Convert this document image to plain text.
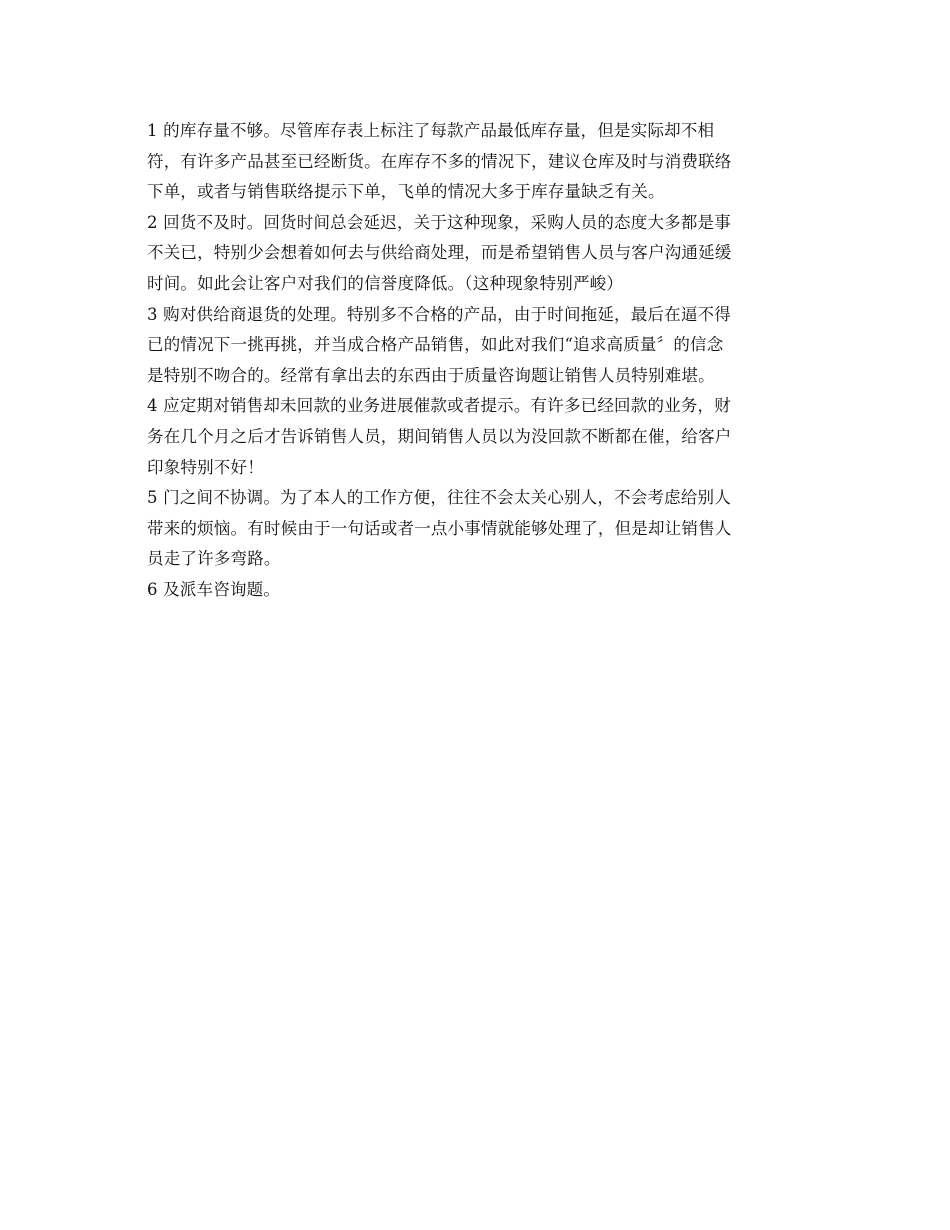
1 的库存量不够。尽管库存表上标注了每款产品最低库存量，但是实际却不相
符，有许多产品甚至已经断货。在库存不多的情况下，建议仓库及时与消费联络
下单，或者与销售联络提示下单，飞单的情况大多于库存量缺乏有关。
2 回货不及时。回货时间总会延迟，关于这种现象，采购人员的态度大多都是事
不关已，特别少会想着如何去与供给商处理，而是希望销售人员与客户沟通延缓
时间。如此会让客户对我们的信誉度降低。（这种现象特别严峻）
3 购对供给商退货的处理。特别多不合格的产品，由于时间拖延，最后在逼不得
已的情况下一挑再挑，并当成合格产品销售，如此对我们“追求高质量〞的信念
是特别不吻合的。经常有拿出去的东西由于质量咨询题让销售人员特别难堪。
4 应定期对销售却未回款的业务进展催款或者提示。有许多已经回款的业务，财
务在几个月之后才告诉销售人员，期间销售人员以为没回款不断都在催，给客户
印象特别不好！
5 门之间不协调。为了本人的工作方便，往往不会太关心别人，不会考虑给别人
带来的烦恼。有时候由于一句话或者一点小事情就能够处理了，但是却让销售人
员走了许多弯路。
6 及派车咨询题。
